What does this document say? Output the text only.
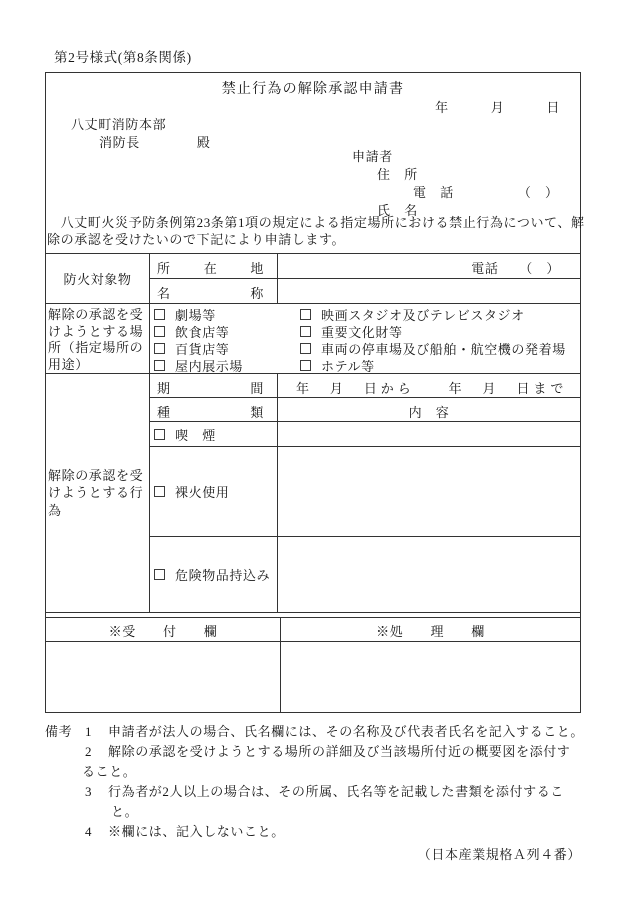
第2号様式(第8条関係)
禁止行為の解除承認申請書
年	月	日
八丈町消防本部
消防長	殿
申請者
住　所
電　話	（　）
氏　名
　八丈町火災予防条例第23条第1項の規定による指定場所における禁止行為について、解
除の承認を受けたいので下記により申請します。
防火対象物
所在地	電話　　（　）
名称
解除の承認を受
けようとする場
所（指定場所の
用途）
劇場等
飲食店等
百貨店等
屋内展示場
映画スタジオ及びテレビスタジオ
重要文化財等
車両の停車場及び船舶・航空機の発着場
ホテル等
解除の承認を受
けようとする行
為
期間	年　月　日から　　年　月　日まで
種類	内　容
喫　煙
裸火使用
危険物品持込み
※受　　付　　欄	※処　　理　　欄
備考 1	申請者が法人の場合、氏名欄には、その名称及び代表者氏名を記入すること。
2	解除の承認を受けようとする場所の詳細及び当該場所付近の概要図を添付す
ること。
3	行為者が2人以上の場合は、その所属、氏名等を記載した書類を添付するこ
と。
4	※欄には、記入しないこと。
（日本産業規格Ａ列４番）
